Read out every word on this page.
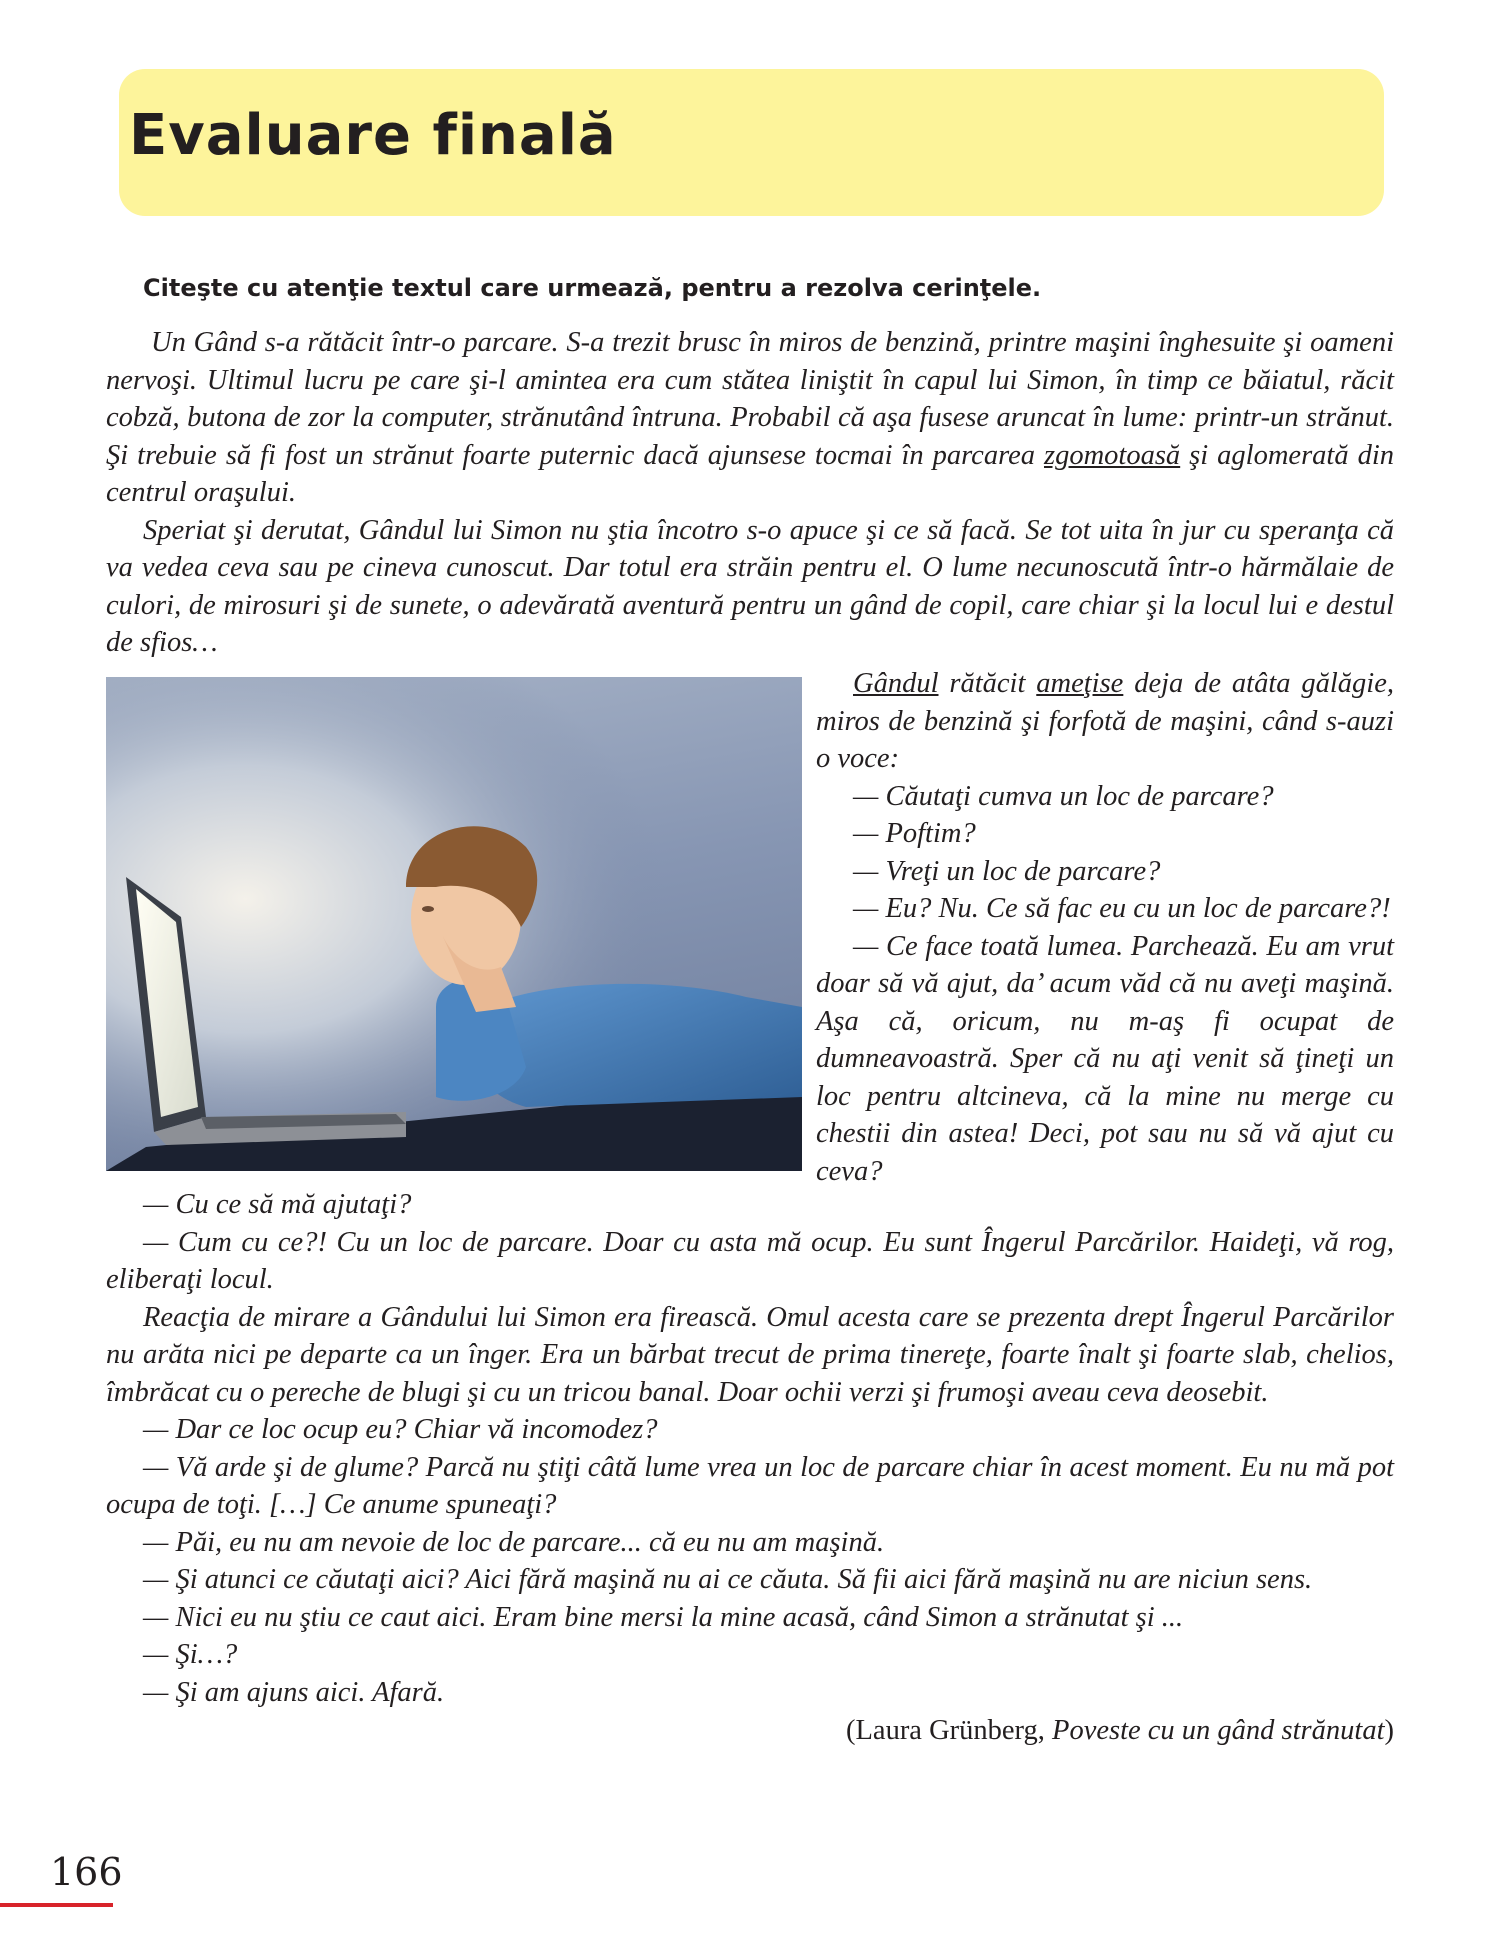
Evaluare finală

Citeşte cu atenţie textul care urmează, pentru a rezolva cerinţele.

Un Gând s-a rătăcit într-o parcare. S-a trezit brusc în miros de benzină, printre maşini înghesuite şi oameni nervoşi. Ultimul lucru pe care şi-l amintea era cum stătea liniştit în capul lui Simon, în timp ce băiatul, răcit cobză, butona de zor la computer, strănutând întruna. Probabil că aşa fusese aruncat în lume: printr-un strănut. Şi trebuie să fi fost un strănut foarte puternic dacă ajunsese tocmai în parcarea zgomotoasă şi aglomerată din centrul oraşului.

Speriat şi derutat, Gândul lui Simon nu ştia încotro s-o apuce şi ce să facă. Se tot uita în jur cu speranţa că va vedea ceva sau pe cineva cunoscut. Dar totul era străin pentru el. O lume necunoscută într-o hărmălaie de culori, de mirosuri şi de sunete, o adevărată aventură pentru un gând de copil, care chiar şi la locul lui e destul de sfios…

Gândul rătăcit ameţise deja de atâta gălăgie, miros de benzină şi forfotă de maşini, când s-auzi o voce:

— Căutaţi cumva un loc de parcare?

— Poftim?

— Vreţi un loc de parcare?

— Eu? Nu. Ce să fac eu cu un loc de parcare?!

— Ce face toată lumea. Parchează. Eu am vrut doar să vă ajut, da’ acum văd că nu aveţi maşină. Aşa că, oricum, nu m-aş fi ocupat de dumneavoastră. Sper că nu aţi venit să ţineţi un loc pentru altcineva, că la mine nu merge cu chestii din astea! Deci, pot sau nu să vă ajut cu ceva?

— Cu ce să mă ajutaţi?

— Cum cu ce?! Cu un loc de parcare. Doar cu asta mă ocup. Eu sunt Îngerul Parcărilor. Haideţi, vă rog, eliberaţi locul.

Reacţia de mirare a Gândului lui Simon era firească. Omul acesta care se prezenta drept Îngerul Parcărilor nu arăta nici pe departe ca un înger. Era un bărbat trecut de prima tinereţe, foarte înalt şi foarte slab, chelios, îmbrăcat cu o pereche de blugi şi cu un tricou banal. Doar ochii verzi şi frumoşi aveau ceva deosebit.

— Dar ce loc ocup eu? Chiar vă incomodez?

— Vă arde şi de glume? Parcă nu ştiţi câtă lume vrea un loc de parcare chiar în acest moment. Eu nu mă pot ocupa de toţi. […] Ce anume spuneaţi?

— Păi, eu nu am nevoie de loc de parcare... că eu nu am maşină.

— Şi atunci ce căutaţi aici? Aici fără maşină nu ai ce căuta. Să fii aici fără maşină nu are niciun sens.

— Nici eu nu ştiu ce caut aici. Eram bine mersi la mine acasă, când Simon a strănutat şi ...

— Şi…?

— Şi am ajuns aici. Afară.

(Laura Grünberg, Poveste cu un gând strănutat)

166
